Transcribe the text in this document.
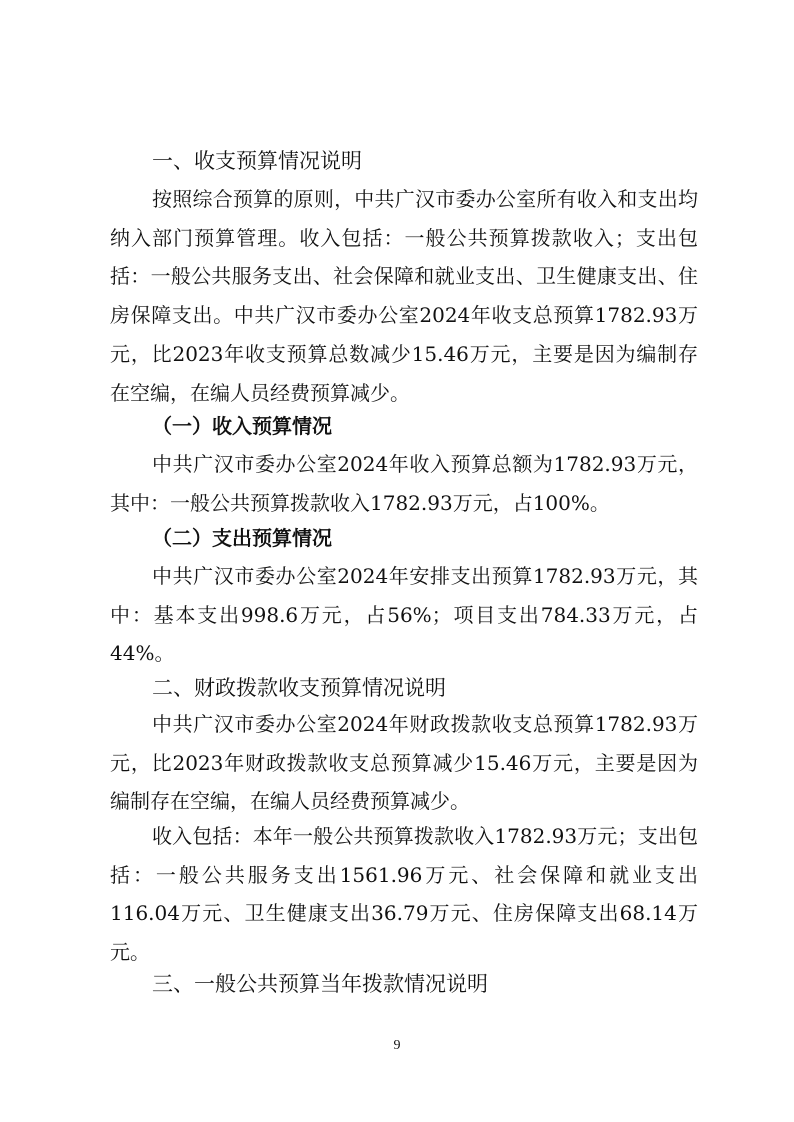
一、收支预算情况说明

按照综合预算的原则，中共广汉市委办公室所有收入和支出均纳入部门预算管理。收入包括：一般公共预算拨款收入；支出包括：一般公共服务支出、社会保障和就业支出、卫生健康支出、住房保障支出。中共广汉市委办公室2024年收支总预算1782.93万元，比2023年收支预算总数减少15.46万元，主要是因为编制存在空编，在编人员经费预算减少。

（一）收入预算情况

中共广汉市委办公室2024年收入预算总额为1782.93万元，其中：一般公共预算拨款收入1782.93万元，占100%。

（二）支出预算情况

中共广汉市委办公室2024年安排支出预算1782.93万元，其中：基本支出998.6万元，占56%；项目支出784.33万元，占44%。

二、财政拨款收支预算情况说明

中共广汉市委办公室2024年财政拨款收支总预算1782.93万元，比2023年财政拨款收支总预算减少15.46万元，主要是因为编制存在空编，在编人员经费预算减少。

收入包括：本年一般公共预算拨款收入1782.93万元；支出包括：一般公共服务支出1561.96万元、社会保障和就业支出116.04万元、卫生健康支出36.79万元、住房保障支出68.14万元。

三、一般公共预算当年拨款情况说明
9
